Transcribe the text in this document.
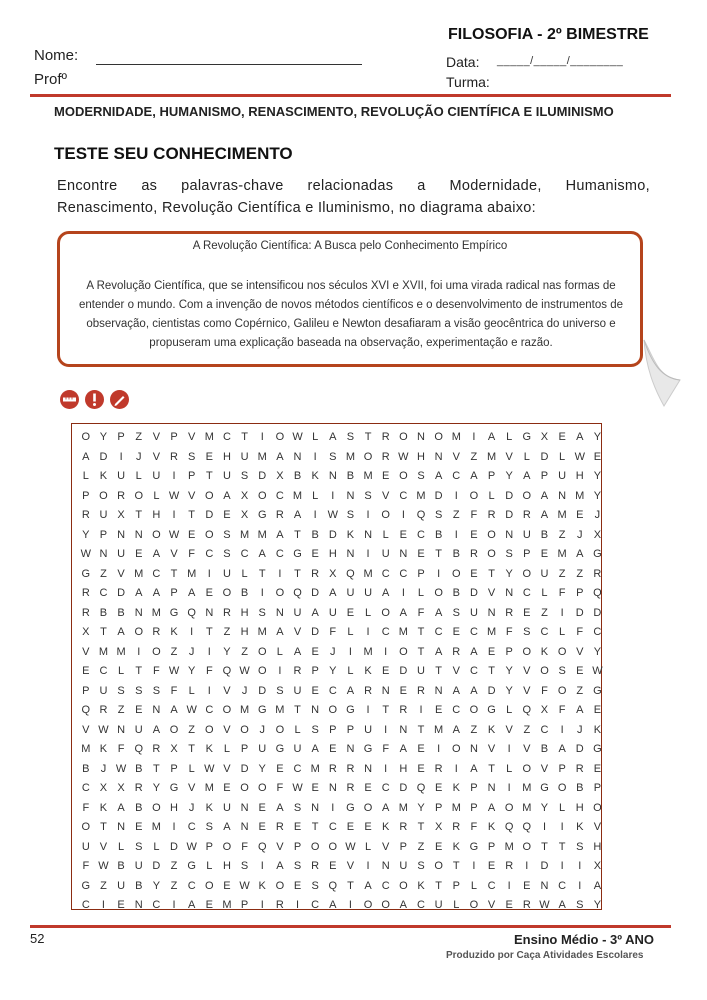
FILOSOFIA - 2º BIMESTRE
Nome:
Profº
Data: _____/_____/________
Turma:
MODERNIDADE, HUMANISMO, RENASCIMENTO, REVOLUÇÃO CIENTÍFICA E ILUMINISMO
TESTE SEU CONHECIMENTO
Encontre as palavras-chave relacionadas a Modernidade, Humanismo,
Renascimento, Revolução Científica e Iluminismo, no diagrama abaixo:
A Revolução Científica: A Busca pelo Conhecimento Empírico
A Revolução Científica, que se intensificou nos séculos XVI e XVII, foi uma virada radical nas formas de entender o mundo. Com a invenção de novos métodos científicos e o desenvolvimento de instrumentos de observação, cientistas como Copérnico, Galileu e Newton desafiaram a visão geocêntrica do universo e propuseram uma explicação baseada na observação, experimentação e razão.
O Y P Z V P V M C T	I	O W L A S T R O N O M	I	A L G X E A Y
A D	I	J	V R S E H U M A N	I	S M O R W H N V Z M V L D L W E
L K U L U	I	P T U S D X B K N B M E O S A C A P Y A P U H Y
P O R O L W V O A X O C M L	I	N S V C M D	I	O L D O A N M Y
R U X T H	I	T D E X G R A	I W S	I	O	I	Q S Z F R D R A M E	J
Y P N N O W E O S M M A T B D K N L E C B	I	E O N U B Z	J	X
W N U E A V F C S C A C G E H N	I	U N E T B R O S P E M A G
G Z V M C T M	I	U L	T	I	T R X Q M C C P	I	O E T Y O U Z Z R
R C D A A P A E O B	I	O Q D A U U A	I	L O B D V N C L	F P Q
R B B N M G Q N R H S N U A U E L O A F A S U N R E Z	I	D D
X T A O R K	I	T Z H M A V D F	L	I	C M T C E C M F S C L	F C
V M M	I	O Z	J	I	Y Z O L A E	J	I	M	I	O T A R A E P O K O V Y
E C L	T F W Y F Q W O	I	R P Y L K E D U T V C T Y V O S E W
P U S S S F	L	I	V	J D S U E C A R N E R N A A D Y V F O Z G
Q R Z E N A W C O M G M T N O G	I	T R	I	E C O G L Q X F A E
V W N U A O Z O V O J O L S P P U	I	N T M A Z K V Z C	I	J	K
M K F Q R X T K L P U G U A E N G F A E	I	O N V	I	V B A D G
B	J W B T P L W V D Y E C M R R N	I	H E R	I	A T	L O V P R E
C X X R Y G V M E O O F W E N R E C D Q E K P N	I	M G O B P
F K A B O H J	K U N E A S N	I	G O A M Y P M P A O M Y L H O
O T N E M	I	C S A N E R E T C E E K R T X R F K Q Q	I	I	K V
U V L S L D W P O F Q V P O O W L V P Z E K G P M O T T S H
F W B U D Z G L H S	I	A S R E V	I	N U S O T	I	E R	I	D	I	I	X
G Z U B Y Z C O E W K O E S Q T A C O K T P L C	I	E N C	I	A
C	I	E N C	I	A E M P	I	R	I	C A	I	O O A C U L O V E R W A S Y
52	Ensino Médio - 3º ANO
Produzido por Caça Atividades Escolares
